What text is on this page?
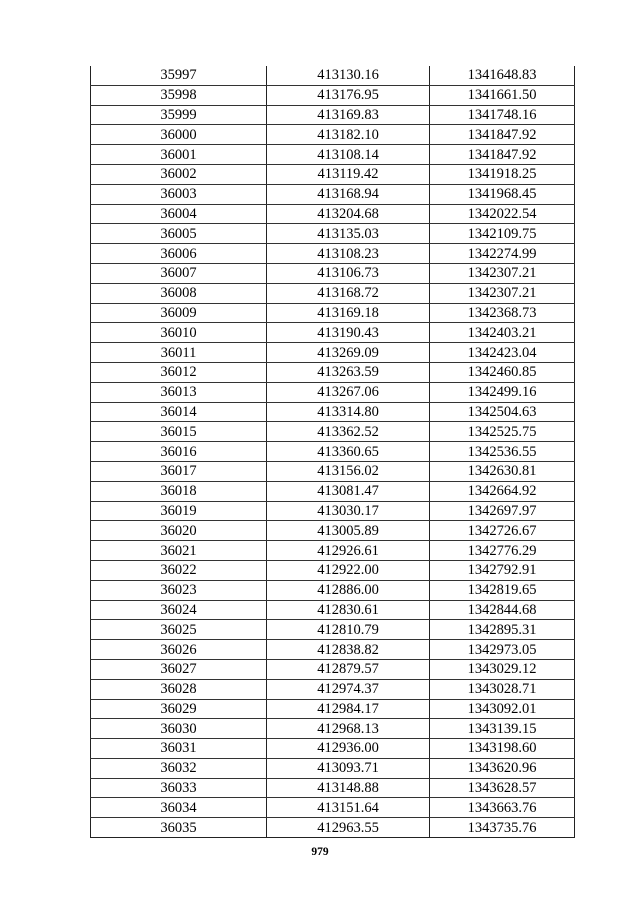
35997	413130.16	1341648.83
35998	413176.95	1341661.50
35999	413169.83	1341748.16
36000	413182.10	1341847.92
36001	413108.14	1341847.92
36002	413119.42	1341918.25
36003	413168.94	1341968.45
36004	413204.68	1342022.54
36005	413135.03	1342109.75
36006	413108.23	1342274.99
36007	413106.73	1342307.21
36008	413168.72	1342307.21
36009	413169.18	1342368.73
36010	413190.43	1342403.21
36011	413269.09	1342423.04
36012	413263.59	1342460.85
36013	413267.06	1342499.16
36014	413314.80	1342504.63
36015	413362.52	1342525.75
36016	413360.65	1342536.55
36017	413156.02	1342630.81
36018	413081.47	1342664.92
36019	413030.17	1342697.97
36020	413005.89	1342726.67
36021	412926.61	1342776.29
36022	412922.00	1342792.91
36023	412886.00	1342819.65
36024	412830.61	1342844.68
36025	412810.79	1342895.31
36026	412838.82	1342973.05
36027	412879.57	1343029.12
36028	412974.37	1343028.71
36029	412984.17	1343092.01
36030	412968.13	1343139.15
36031	412936.00	1343198.60
36032	413093.71	1343620.96
36033	413148.88	1343628.57
36034	413151.64	1343663.76
36035	412963.55	1343735.76
979
